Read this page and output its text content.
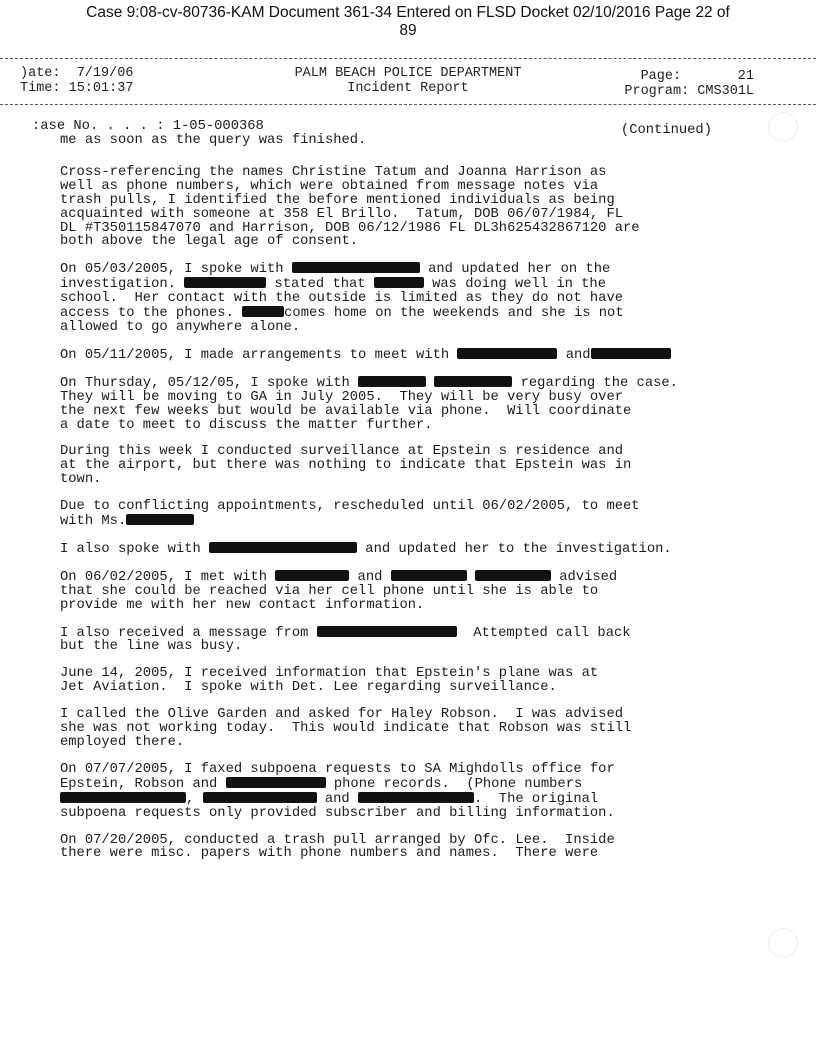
Case 9:08-cv-80736-KAM Document 361-34 Entered on FLSD Docket 02/10/2016 Page 22 of
89
)ate:  7/19/06
Time: 15:01:37
PALM BEACH POLICE DEPARTMENT
Incident Report
Page:       21
Program: CMS301L
:ase No. . . . : 1-05-000368	(Continued)

me as soon as the query was finished.

Cross-referencing the names Christine Tatum and Joanna Harrison as
well as phone numbers, which were obtained from message notes via
trash pulls, I identified the before mentioned individuals as being
acquainted with someone at 358 El Brillo.  Tatum, DOB 06/07/1984, FL
DL #T350115847070 and Harrison, DOB 06/12/1986 FL DL3h625432867120 are
both above the legal age of consent.

On 05/03/2005, I spoke with	and updated her on the
investigation.	stated that	was doing well in the
school.  Her contact with the outside is limited as they do not have
access to the phones.	comes home on the weekends and she is not
allowed to go anywhere alone.

On 05/11/2005, I made arrangements to meet with	and

On Thursday, 05/12/05, I spoke with	regarding the case.
They will be moving to GA in July 2005.  They will be very busy over
the next few weeks but would be available via phone.  Will coordinate
a date to meet to discuss the matter further.

During this week I conducted surveillance at Epstein s residence and
at the airport, but there was nothing to indicate that Epstein was in
town.

Due to conflicting appointments, rescheduled until 06/02/2005, to meet
with Ms.

I also spoke with	and updated her to the investigation.

On 06/02/2005, I met with	and	advised
that she could be reached via her cell phone until she is able to
provide me with her new contact information.

I also received a message from	Attempted call back
but the line was busy.

June 14, 2005, I received information that Epstein's plane was at
Jet Aviation.  I spoke with Det. Lee regarding surveillance.

I called the Olive Garden and asked for Haley Robson.  I was advised
she was not working today.  This would indicate that Robson was still
employed there.

On 07/07/2005, I faxed subpoena requests to SA Mighdolls office for
Epstein, Robson and	phone records.  (Phone numbers
,	and	.  The original
subpoena requests only provided subscriber and billing information.

On 07/20/2005, conducted a trash pull arranged by Ofc. Lee.  Inside
there were misc. papers with phone numbers and names.  There were
